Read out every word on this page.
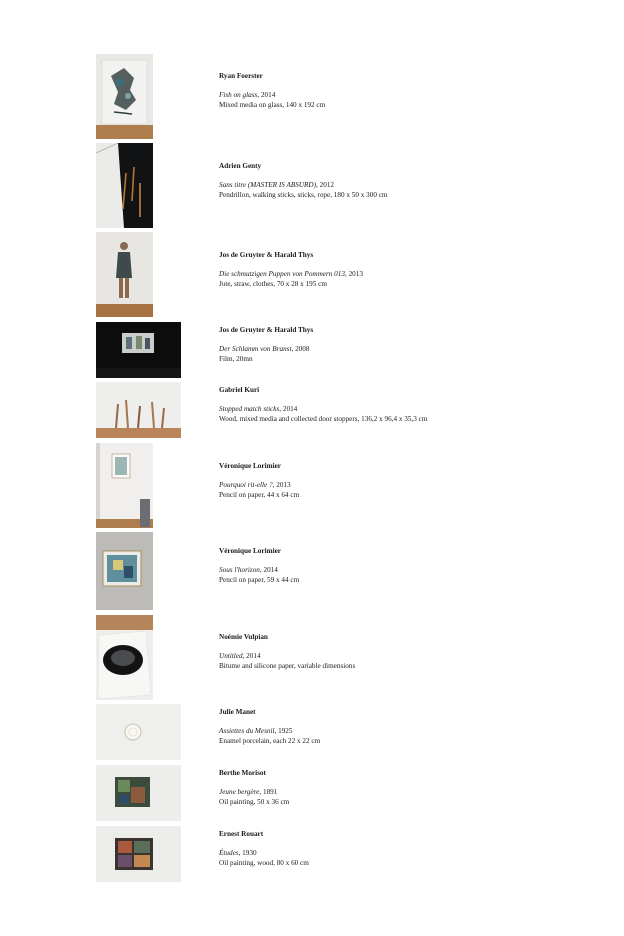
Ryan Foerster
Fish on glass, 2014
Mixed media on glass, 140 x 192 cm
Adrien Genty
Sans titre (MASTER IS ABSURD), 2012
Pendrillon, walking sticks, sticks, rope, 180 x 50 x 300 cm
Jos de Gruyter & Harald Thys
Die schmutzigen Puppen von Pommern 013, 2013
Jute, straw, clothes, 70 x 28 x 195 cm
Jos de Gruyter & Harald Thys
Der Schlamm von Branst, 2008
Film, 20mn
Gabriel Kuri
Stopped match sticks, 2014
Wood, mixed media and collected door stoppers, 136,2 x 96,4 x 35,3 cm
Véronique Lorimier
Pourquoi rit-elle ?, 2013
Pencil on paper, 44 x 64 cm
Véronique Lorimier
Sous l'horizon, 2014
Pencil on paper, 59 x 44 cm
Noémie Vulpian
Untitled, 2014
Bitume and silicone paper, variable dimensions
Julie Manet
Assiettes du Mesnil, 1925
Enamel porcelain, each 22 x 22 cm
Berthe Morisot
Jeune bergère, 1891
Oil painting, 50 x 36 cm
Ernest Rouart
Études, 1930
Oil painting, wood, 80 x 60 cm
